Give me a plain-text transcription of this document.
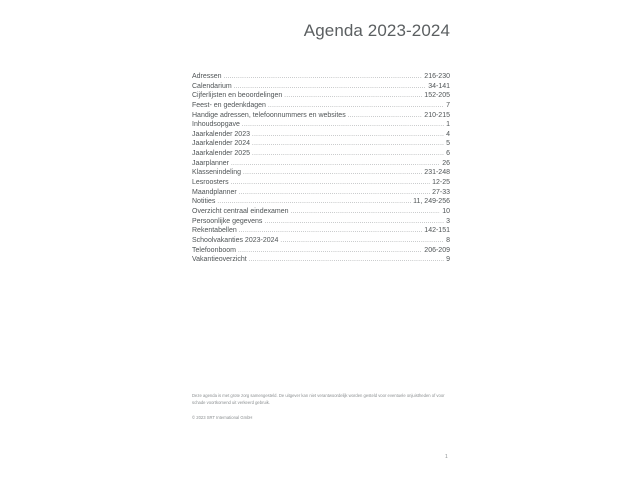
Agenda 2023-2024
Adressen .....	216-230
Calendarium .....	34-141
Cijferlijsten en beoordelingen .....	152-205
Feest- en gedenkdagen .....	7
Handige adressen, telefoonnummers en websites .....	210-215
Inhoudsopgave .....	1
Jaarkalender 2023 .....	4
Jaarkalender 2024 .....	5
Jaarkalender 2025 .....	6
Jaarplanner .....	26
Klassenindeling .....	231-248
Lesroosters .....	12-25
Maandplanner .....	27-33
Notities .....	11, 249-256
Overzicht centraal eindexamen .....	10
Persoonlijke gegevens .....	3
Rekentabellen .....	142-151
Schoolvakanties 2023-2024 .....	8
Telefoonboom .....	206-209
Vakantieoverzicht .....	9

Deze agenda is met grote zorg samengesteld. De uitgever kan niet verantwoordelijk worden gesteld voor eventuele onjuistheden of voor schade voortkomend uit verkeerd gebruik.

© 2023 SRT International GmbH

1
